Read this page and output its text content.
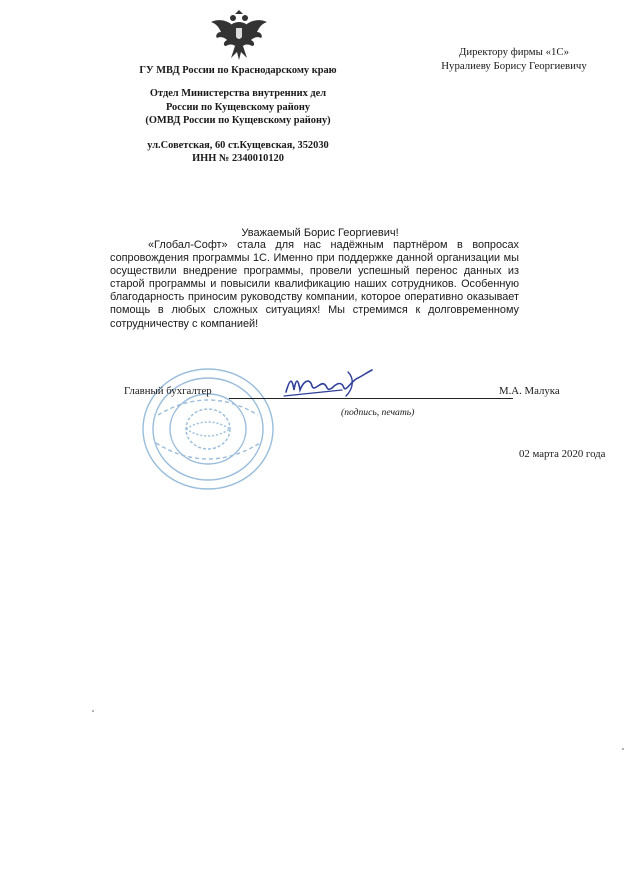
ГУ МВД России по Краснодарскому краю
Отдел Министерства внутренних дел
России по Кущевскому району
(ОМВД России по Кущевскому району)
ул.Советская, 60 ст.Кущевская, 352030
ИНН № 2340010120
Директору фирмы «1С»
Нуралиеву Борису Георгиевичу
Уважаемый Борис Георгиевич!

«Глобал-Софт» стала для нас надёжным партнёром в вопросах сопровождения программы 1С. Именно при поддержке данной организации мы осуществили внедрение программы, провели успешный перенос данных из старой программы и повысили квалификацию наших сотрудников. Особенную благодарность приносим руководству компании, которое оперативно оказывает помощь в любых сложных ситуациях! Мы стремимся к долговременному сотрудничеству с компанией!

Главный бухгалтер	М.А. Малука
(подпись, печать)
02 марта 2020 года
